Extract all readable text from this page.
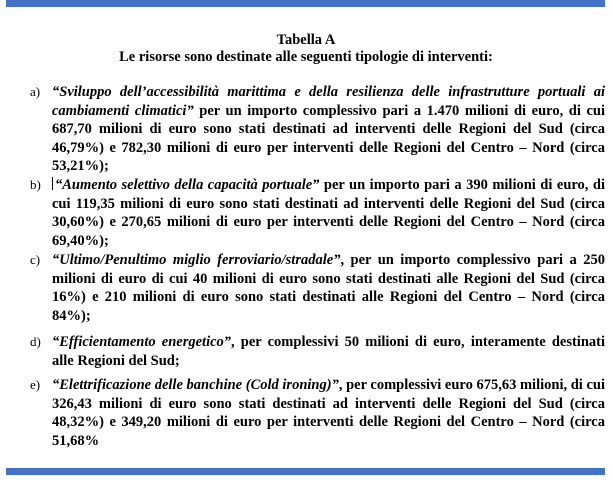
Tabella A
Le risorse sono destinate alle seguenti tipologie di interventi:
a) “Sviluppo dell’accessibilità marittima e della resilienza delle infrastrutture portuali ai cambiamenti climatici” per un importo complessivo pari a 1.470 milioni di euro, di cui 687,70 milioni di euro sono stati destinati ad interventi delle Regioni del Sud (circa 46,79%) e 782,30 milioni di euro per interventi delle Regioni del Centro – Nord (circa 53,21%);
b) “Aumento selettivo della capacità portuale” per un importo pari a 390 milioni di euro, di cui 119,35 milioni di euro sono stati destinati ad interventi delle Regioni del Sud (circa 30,60%) e 270,65 milioni di euro per interventi delle Regioni del Centro – Nord (circa 69,40%);
c) “Ultimo/Penultimo miglio ferroviario/stradale”, per un importo complessivo pari a 250 milioni di euro di cui 40 milioni di euro sono stati destinati alle Regioni del Sud (circa 16%) e 210 milioni di euro sono stati destinati alle Regioni del Centro – Nord (circa 84%);
d) “Efficientamento energetico”, per complessivi 50 milioni di euro, interamente destinati alle Regioni del Sud;
e) “Elettrificazione delle banchine (Cold ironing)”, per complessivi euro 675,63 milioni, di cui 326,43 milioni di euro sono stati destinati ad interventi delle Regioni del Sud (circa 48,32%) e 349,20 milioni di euro per interventi delle Regioni del Centro – Nord (circa 51,68%
